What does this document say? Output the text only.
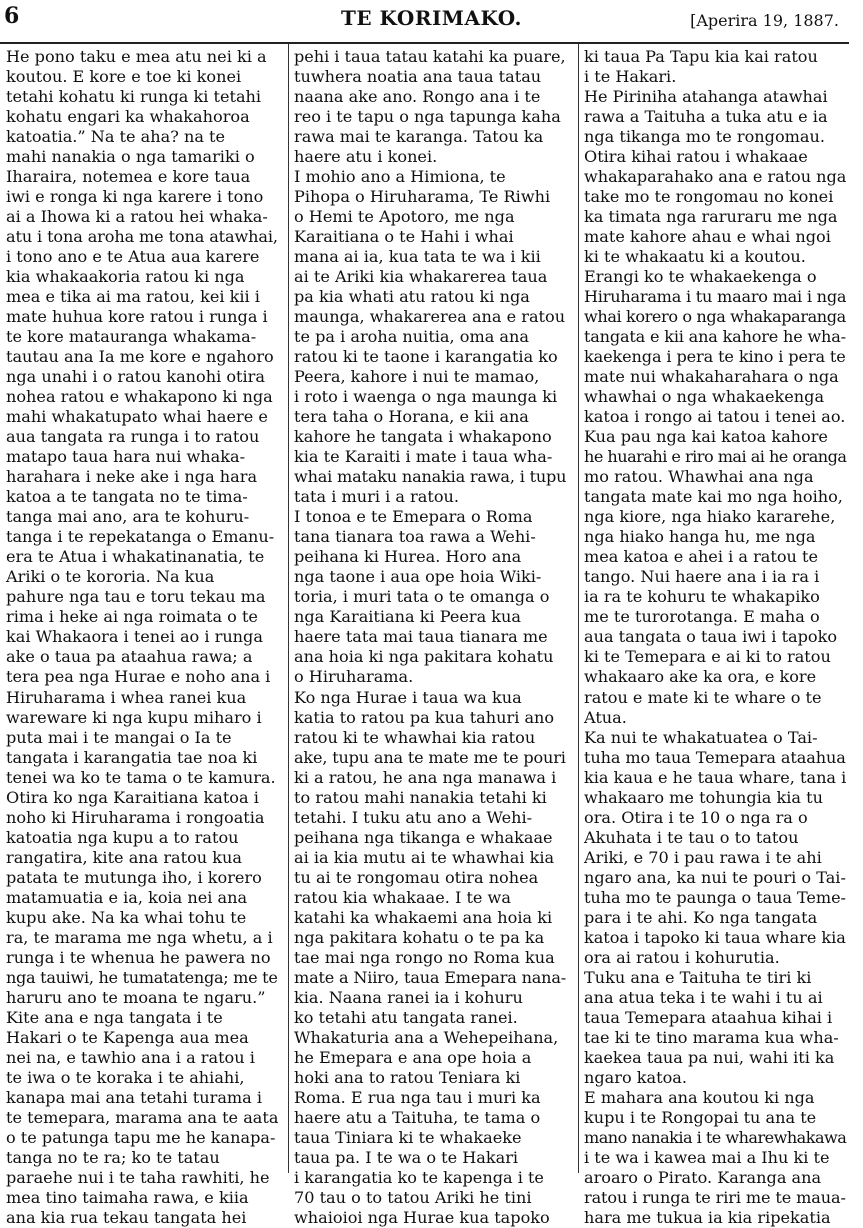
6	TE KORIMAKO.	[Aperira 19, 1887.
He pono taku e mea atu nei ki a
koutou. E kore e toe ki konei
tetahi kohatu ki runga ki tetahi
kohatu engari ka whakahoroa
katoatia.” Na te aha? na te
mahi nanakia o nga tamariki o
Iharaira, notemea e kore taua
iwi e ronga ki nga karere i tono
ai a Ihowa ki a ratou hei whaka-
atu i tona aroha me tona atawhai,
i tono ano e te Atua aua karere
kia whakaakoria ratou ki nga
mea e tika ai ma ratou, kei kii i
mate huhua kore ratou i runga i
te kore matauranga whakama-
tautau ana Ia me kore e ngahoro
nga unahi i o ratou kanohi otira
nohea ratou e whakapono ki nga
mahi whakatupato whai haere e
aua tangata ra runga i to ratou
matapo taua hara nui whaka-
harahara i neke ake i nga hara
katoa a te tangata no te tima-
tanga mai ano, ara te kohuru-
tanga i te repekatanga o Emanu-
era te Atua i whakatinanatia, te
Ariki o te kororia. Na kua
pahure nga tau e toru tekau ma
rima i heke ai nga roimata o te
kai Whakaora i tenei ao i runga
ake o taua pa ataahua rawa; a
tera pea nga Hurae e noho ana i
Hiruharama i whea ranei kua
wareware ki nga kupu miharo i
puta mai i te mangai o Ia te
tangata i karangatia tae noa ki
tenei wa ko te tama o te kamura.
Otira ko nga Karaitiana katoa i
noho ki Hiruharama i rongoatia
katoatia nga kupu a to ratou
rangatira, kite ana ratou kua
patata te mutunga iho, i korero
matamuatia e ia, koia nei ana
kupu ake. Na ka whai tohu te
ra, te marama me nga whetu, a i
runga i te whenua he pawera no
nga tauiwi, he tumatatenga; me te
haruru ano te moana te ngaru.”
Kite ana e nga tangata i te
Hakari o te Kapenga aua mea
nei na, e tawhio ana i a ratou i
te iwa o te koraka i te ahiahi,
kanapa mai ana tetahi turama i
te temepara, marama ana te aata
o te patunga tapu me he kanapa-
tanga no te ra; ko te tatau
paraehe nui i te taha rawhiti, he
mea tino taimaha rawa, e kiia
ana kia rua tekau tangata hei
pehi i taua tatau katahi ka puare,
tuwhera noatia ana taua tatau
naana ake ano. Rongo ana i te
reo i te tapu o nga tapunga kaha
rawa mai te karanga. Tatou ka
haere atu i konei.
I mohio ano a Himiona, te
Pihopa o Hiruharama, Te Riwhi
o Hemi te Apotoro, me nga
Karaitiana o te Hahi i whai
mana ai ia, kua tata te wa i kii
ai te Ariki kia whakarerea taua
pa kia whati atu ratou ki nga
maunga, whakarerea ana e ratou
te pa i aroha nuitia, oma ana
ratou ki te taone i karangatia ko
Peera, kahore i nui te mamao,
i roto i waenga o nga maunga ki
tera taha o Horana, e kii ana
kahore he tangata i whakapono
kia te Karaiti i mate i taua wha-
whai mataku nanakia rawa, i tupu
tata i muri i a ratou.
I tonoa e te Emepara o Roma
tana tianara toa rawa a Wehi-
peihana ki Hurea. Horo ana
nga taone i aua ope hoia Wiki-
toria, i muri tata o te omanga o
nga Karaitiana ki Peera kua
haere tata mai taua tianara me
ana hoia ki nga pakitara kohatu
o Hiruharama.
Ko nga Hurae i taua wa kua
katia to ratou pa kua tahuri ano
ratou ki te whawhai kia ratou
ake, tupu ana te mate me te pouri
ki a ratou, he ana nga manawa i
to ratou mahi nanakia tetahi ki
tetahi. I tuku atu ano a Wehi-
peihana nga tikanga e whakaae
ai ia kia mutu ai te whawhai kia
tu ai te rongomau otira nohea
ratou kia whakaae. I te wa
katahi ka whakaemi ana hoia ki
nga pakitara kohatu o te pa ka
tae mai nga rongo no Roma kua
mate a Niiro, taua Emepara nana-
kia. Naana ranei ia i kohuru
ko tetahi atu tangata ranei.
Whakaturia ana a Wehepeihana,
he Emepara e ana ope hoia a
hoki ana to ratou Teniara ki
Roma. E rua nga tau i muri ka
haere atu a Taituha, te tama o
taua Tiniara ki te whakaeke
taua pa. I te wa o te Hakari
i karangatia ko te kapenga i te
70 tau o to tatou Ariki he tini
whaioioi nga Hurae kua tapoko
ki taua Pa Tapu kia kai ratou
i te Hakari.
He Piriniha atahanga atawhai
rawa a Taituha a tuka atu e ia
nga tikanga mo te rongomau.
Otira kihai ratou i whakaae
whakaparahako ana e ratou nga
take mo te rongomau no konei
ka timata nga raruraru me nga
mate kahore ahau e whai ngoi
ki te whakaatu ki a koutou.
Erangi ko te whakaekenga o
Hiruharama i tu maaro mai i nga
whai korero o nga whakaparanga
tangata e kii ana kahore he wha-
kaekenga i pera te kino i pera te
mate nui whakaharahara o nga
whawhai o nga whakaekenga
katoa i rongo ai tatou i tenei ao.
Kua pau nga kai katoa kahore
he huarahi e riro mai ai he oranga
mo ratou. Whawhai ana nga
tangata mate kai mo nga hoiho,
nga kiore, nga hiako kararehe,
nga hiako hanga hu, me nga
mea katoa e ahei i a ratou te
tango. Nui haere ana i ia ra i
ia ra te kohuru te whakapiko
me te turorotanga. E maha o
aua tangata o taua iwi i tapoko
ki te Temepara e ai ki to ratou
whakaaro ake ka ora, e kore
ratou e mate ki te whare o te
Atua.
Ka nui te whakatuatea o Tai-
tuha mo taua Temepara ataahua
kia kaua e he taua whare, tana i
whakaaro me tohungia kia tu
ora. Otira i te 10 o nga ra o
Akuhata i te tau o to tatou
Ariki, e 70 i pau rawa i te ahi
ngaro ana, ka nui te pouri o Tai-
tuha mo te paunga o taua Teme-
para i te ahi. Ko nga tangata
katoa i tapoko ki taua whare kia
ora ai ratou i kohurutia.
Tuku ana e Taituha te tiri ki
ana atua teka i te wahi i tu ai
taua Temepara ataahua kihai i
tae ki te tino marama kua wha-
kaekea taua pa nui, wahi iti ka
ngaro katoa.
E mahara ana koutou ki nga
kupu i te Rongopai tu ana te
mano nanakia i te wharewhakawa
i te wa i kawea mai a Ihu ki te
aroaro o Pirato. Karanga ana
ratou i runga te riri me te maua-
hara me tukua ia kia ripekatia
